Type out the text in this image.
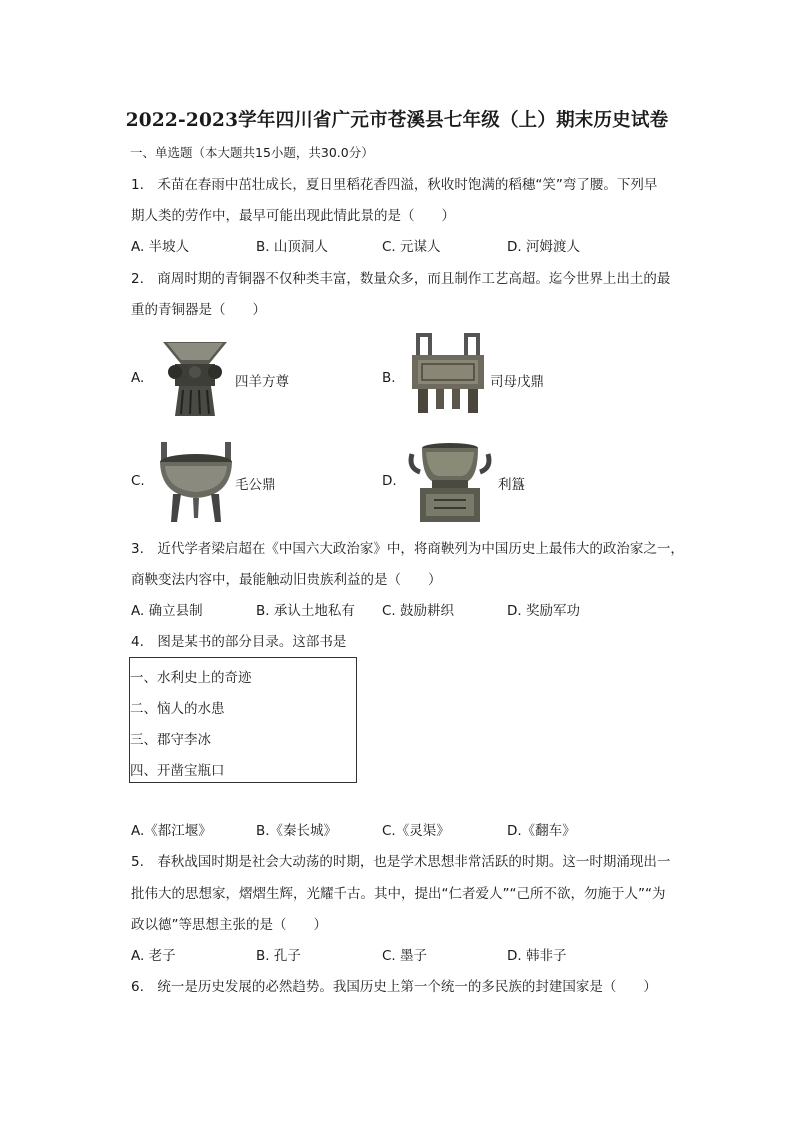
2022-2023学年四川省广元市苍溪县七年级（上）期末历史试卷
一、单选题（本大题共15小题，共30.0分）
1.　禾苗在春雨中茁壮成长，夏日里稻花香四溢，秋收时饱满的稻穗“笑”弯了腰。下列早
期人类的劳作中，最早可能出现此情此景的是（　　）
A. 半坡人	B. 山顶洞人	C. 元谋人	D. 河姆渡人
2.　商周时期的青铜器不仅种类丰富，数量众多，而且制作工艺高超。迄今世界上出土的最
重的青铜器是（　　）
A.	四羊方尊	B.	司母戊鼎
C.	毛公鼎	D.	利簋
3.　近代学者梁启超在《中国六大政治家》中，将商鞅列为中国历史上最伟大的政治家之一，
商鞅变法内容中，最能触动旧贵族利益的是（　　）
A. 确立县制	B. 承认土地私有 C. 鼓励耕织	D. 奖励军功
4.　图是某书的部分目录。这部书是
一、水利史上的奇迹
二、恼人的水患
三、郡守李冰
四、开凿宝瓶口
A.《都江堰》	B.《秦长城》	C.《灵渠》	D.《翻车》
5.　春秋战国时期是社会大动荡的时期，也是学术思想非常活跃的时期。这一时期涌现出一
批伟大的思想家，熠熠生辉，光耀千古。其中，提出“仁者爱人”“己所不欲，勿施于人”“为
政以德”等思想主张的是（　　）
A. 老子	B. 孔子	C. 墨子	D. 韩非子
6.　统一是历史发展的必然趋势。我国历史上第一个统一的多民族的封建国家是（　　）
